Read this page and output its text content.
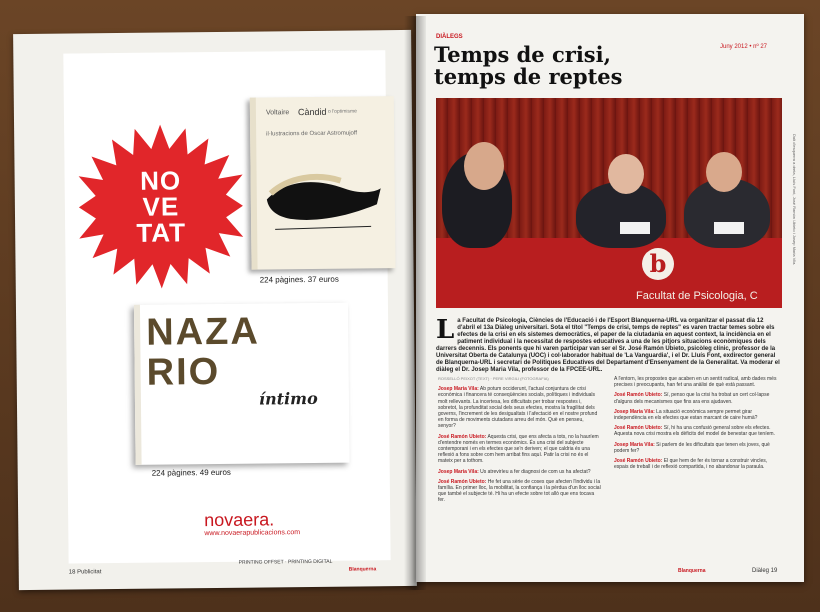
NO
VE
TAT
Voltaire Càndid o l'optimisme
il·lustracions de Oscar Astromujoff
224 pàgines. 37 euros
NAZA
RIO
íntimo
224 pàgines. 49 euros
novaera.
www.novaerapublicacions.com
PRINTING OFFSET · PRINTING DIGITAL
18 Publicitat	Blanquerna
DIÀLEGS
Juny 2012 • nº 27
Temps de crisi,
temps de reptes
b
Facultat de Psicologia, C
Dalt d'esquerra a dreta, Lluís Font, José Ramón Ubieto i Josep Maria Vila.
L a Facultat de Psicologia, Ciències de l'Educació i de l'Esport Blanquerna-URL va organitzar el passat dia 12 d'abril el 13a Diàleg universitari. Sota el títol "Temps de crisi, temps de reptes" es varen tractar temes sobre els efectes de la crisi en els sistemes democràtics, el paper de la ciutadania en aquest context, la incidència en el patiment individual i la necessitat de respostes educatives a una de les pitjors situacions econòmiques dels darrers decennis. Els ponents que hi varen participar van ser el Sr. José Ramón Ubieto, psicòleg clínic, professor de la Universitat Oberta de Catalunya (UOC) i col·laborador habitual de 'La Vanguardia', i el Dr. Lluís Font, exdirector general de Blanquerna-URL i secretari de Polítiques Educatives del Departament d'Ensenyament de la Generalitat. Va moderar el diàleg el Dr. Josep Maria Vila, professor de la FPCEE-URL.
ROSSELLÓ PEIXOT (TEXT) · PERE VIRGILI (FOTOGRAFIA)

Josep Maria Vila: Ab potum occiderunt, l'actual conjuntura de crisi econòmica i financera té conseqüències socials, polítiques i individuals molt rellevants. La incertesa, les dificultats per trobar respostes i, sobretot, la profunditat social dels seus efectes, mostra la fragilitat dels governs, l'increment de les desigualtats i l'afectació en el nostre profund en forma de moviments ciutadans arreu del món. Què en penseu, senyor?

José Ramón Ubieto: Aquesta crisi, que ens afecta a tots, no la hauríem d'entendre només en termes econòmics. És una crisi del subjecte contemporani i en els efectes que se'n deriven; el que caldria és una reflexió a fons sobre com hem arribat fins aquí. Patir la crisi no és el mateix per a tothom.

Josep Maria Vila: Us atreviríeu a fer diagnosi de com us ha afectat?

José Ramón Ubieto: He fet una sèrie de coses que afecten l'individu i la família. En primer lloc, la mobilitat, la confiança i la pèrdua d'un lloc social que també el subjecte té. Hi ha un efecte sobre tot allò que ens tocava fer.

A l'entorn, les propostes que acaben en un sentit radical, amb dades més precises i preocupants, han fet una anàlisi de què està passant.

José Ramón Ubieto: Sí, penso que la crisi ha trobat un cert col·lapse d'alguns dels mecanismes que fins ara ens ajudaven.

Josep Maria Vila: La situació econòmica sempre permet girar independència en els efectes que estan marcant de caire humà?

José Ramón Ubieto: Sí, hi ha una confusió general sobre els efectes. Aquesta nova crisi mostra els dèficits del model de benestar que teníem.

Josep Maria Vila: Si parlem de les dificultats que tenen els joves, què podem fer?

José Ramón Ubieto: El que hem de fer és tornar a construir vincles, espais de treball i de reflexió compartida, i no abandonar la paraula.

Blanquerna	Diàleg 19
